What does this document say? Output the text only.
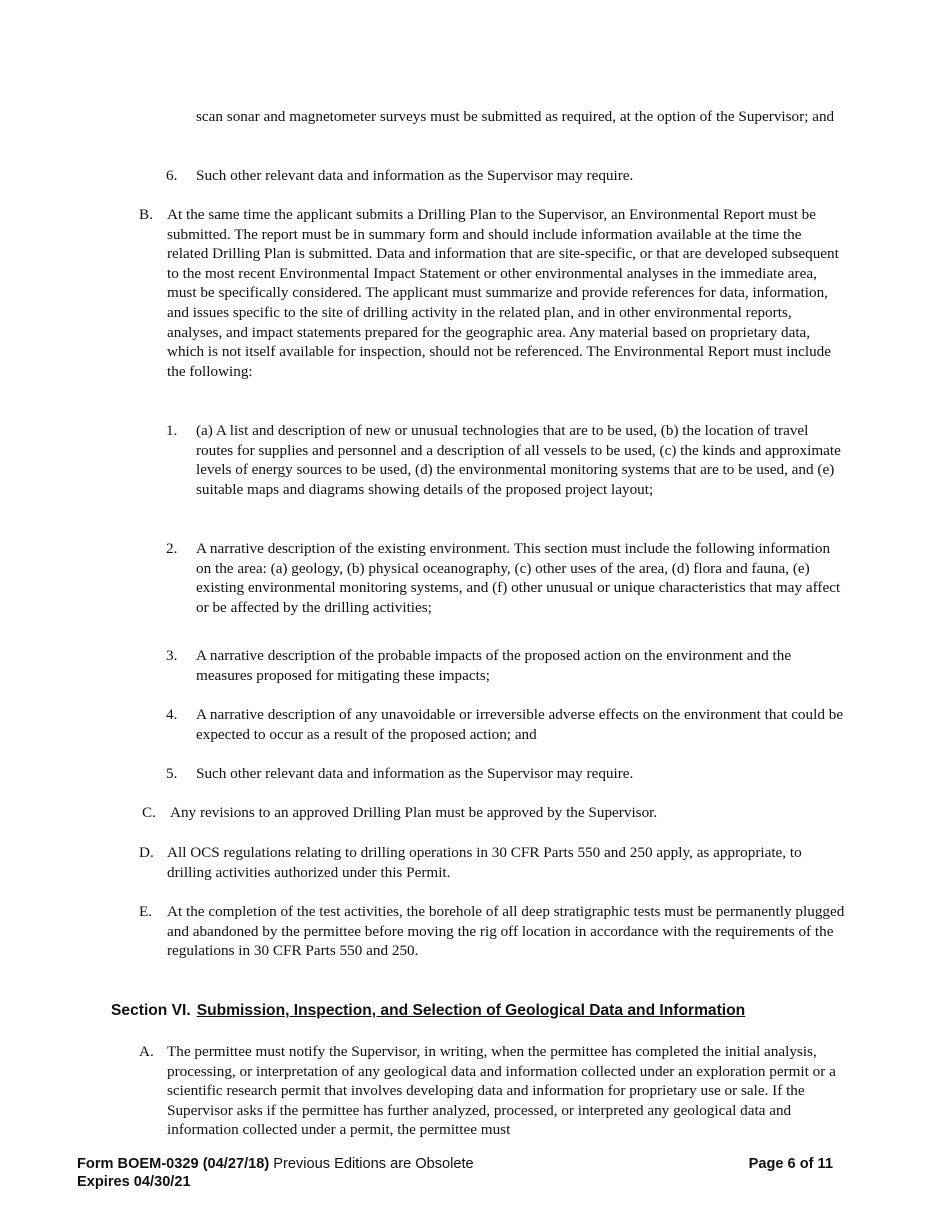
scan sonar and magnetometer surveys must be submitted as required, at the option of the Supervisor; and
6.	Such other relevant data and information as the Supervisor may require.
B. At the same time the applicant submits a Drilling Plan to the Supervisor, an Environmental Report must be submitted. The report must be in summary form and should include information available at the time the related Drilling Plan is submitted. Data and information that are site-specific, or that are developed subsequent to the most recent Environmental Impact Statement or other environmental analyses in the immediate area, must be specifically considered. The applicant must summarize and provide references for data, information, and issues specific to the site of drilling activity in the related plan, and in other environmental reports, analyses, and impact statements prepared for the geographic area. Any material based on proprietary data, which is not itself available for inspection, should not be referenced. The Environmental Report must include the following:
1.	(a) A list and description of new or unusual technologies that are to be used, (b) the location of travel routes for supplies and personnel and a description of all vessels to be used, (c) the kinds and approximate levels of energy sources to be used, (d) the environmental monitoring systems that are to be used, and (e) suitable maps and diagrams showing details of the proposed project layout;
2.	A narrative description of the existing environment. This section must include the following information on the area: (a) geology, (b) physical oceanography, (c) other uses of the area, (d) flora and fauna, (e) existing environmental monitoring systems, and (f) other unusual or unique characteristics that may affect or be affected by the drilling activities;
3.	A narrative description of the probable impacts of the proposed action on the environment and the measures proposed for mitigating these impacts;
4.	A narrative description of any unavoidable or irreversible adverse effects on the environment that could be expected to occur as a result of the proposed action; and
5.	Such other relevant data and information as the Supervisor may require.
C. Any revisions to an approved Drilling Plan must be approved by the Supervisor.
D. All OCS regulations relating to drilling operations in 30 CFR Parts 550 and 250 apply, as appropriate, to drilling activities authorized under this Permit.
E. At the completion of the test activities, the borehole of all deep stratigraphic tests must be permanently plugged and abandoned by the permittee before moving the rig off location in accordance with the requirements of the regulations in 30 CFR Parts 550 and 250.
Section VI. Submission, Inspection, and Selection of Geological Data and Information
A. The permittee must notify the Supervisor, in writing, when the permittee has completed the initial analysis, processing, or interpretation of any geological data and information collected under an exploration permit or a scientific research permit that involves developing data and information for proprietary use or sale. If the Supervisor asks if the permittee has further analyzed, processed, or interpreted any geological data and information collected under a permit, the permittee must
Form BOEM-0329 (04/27/18) Previous Editions are Obsolete
Expires 04/30/21
Page 6 of 11
